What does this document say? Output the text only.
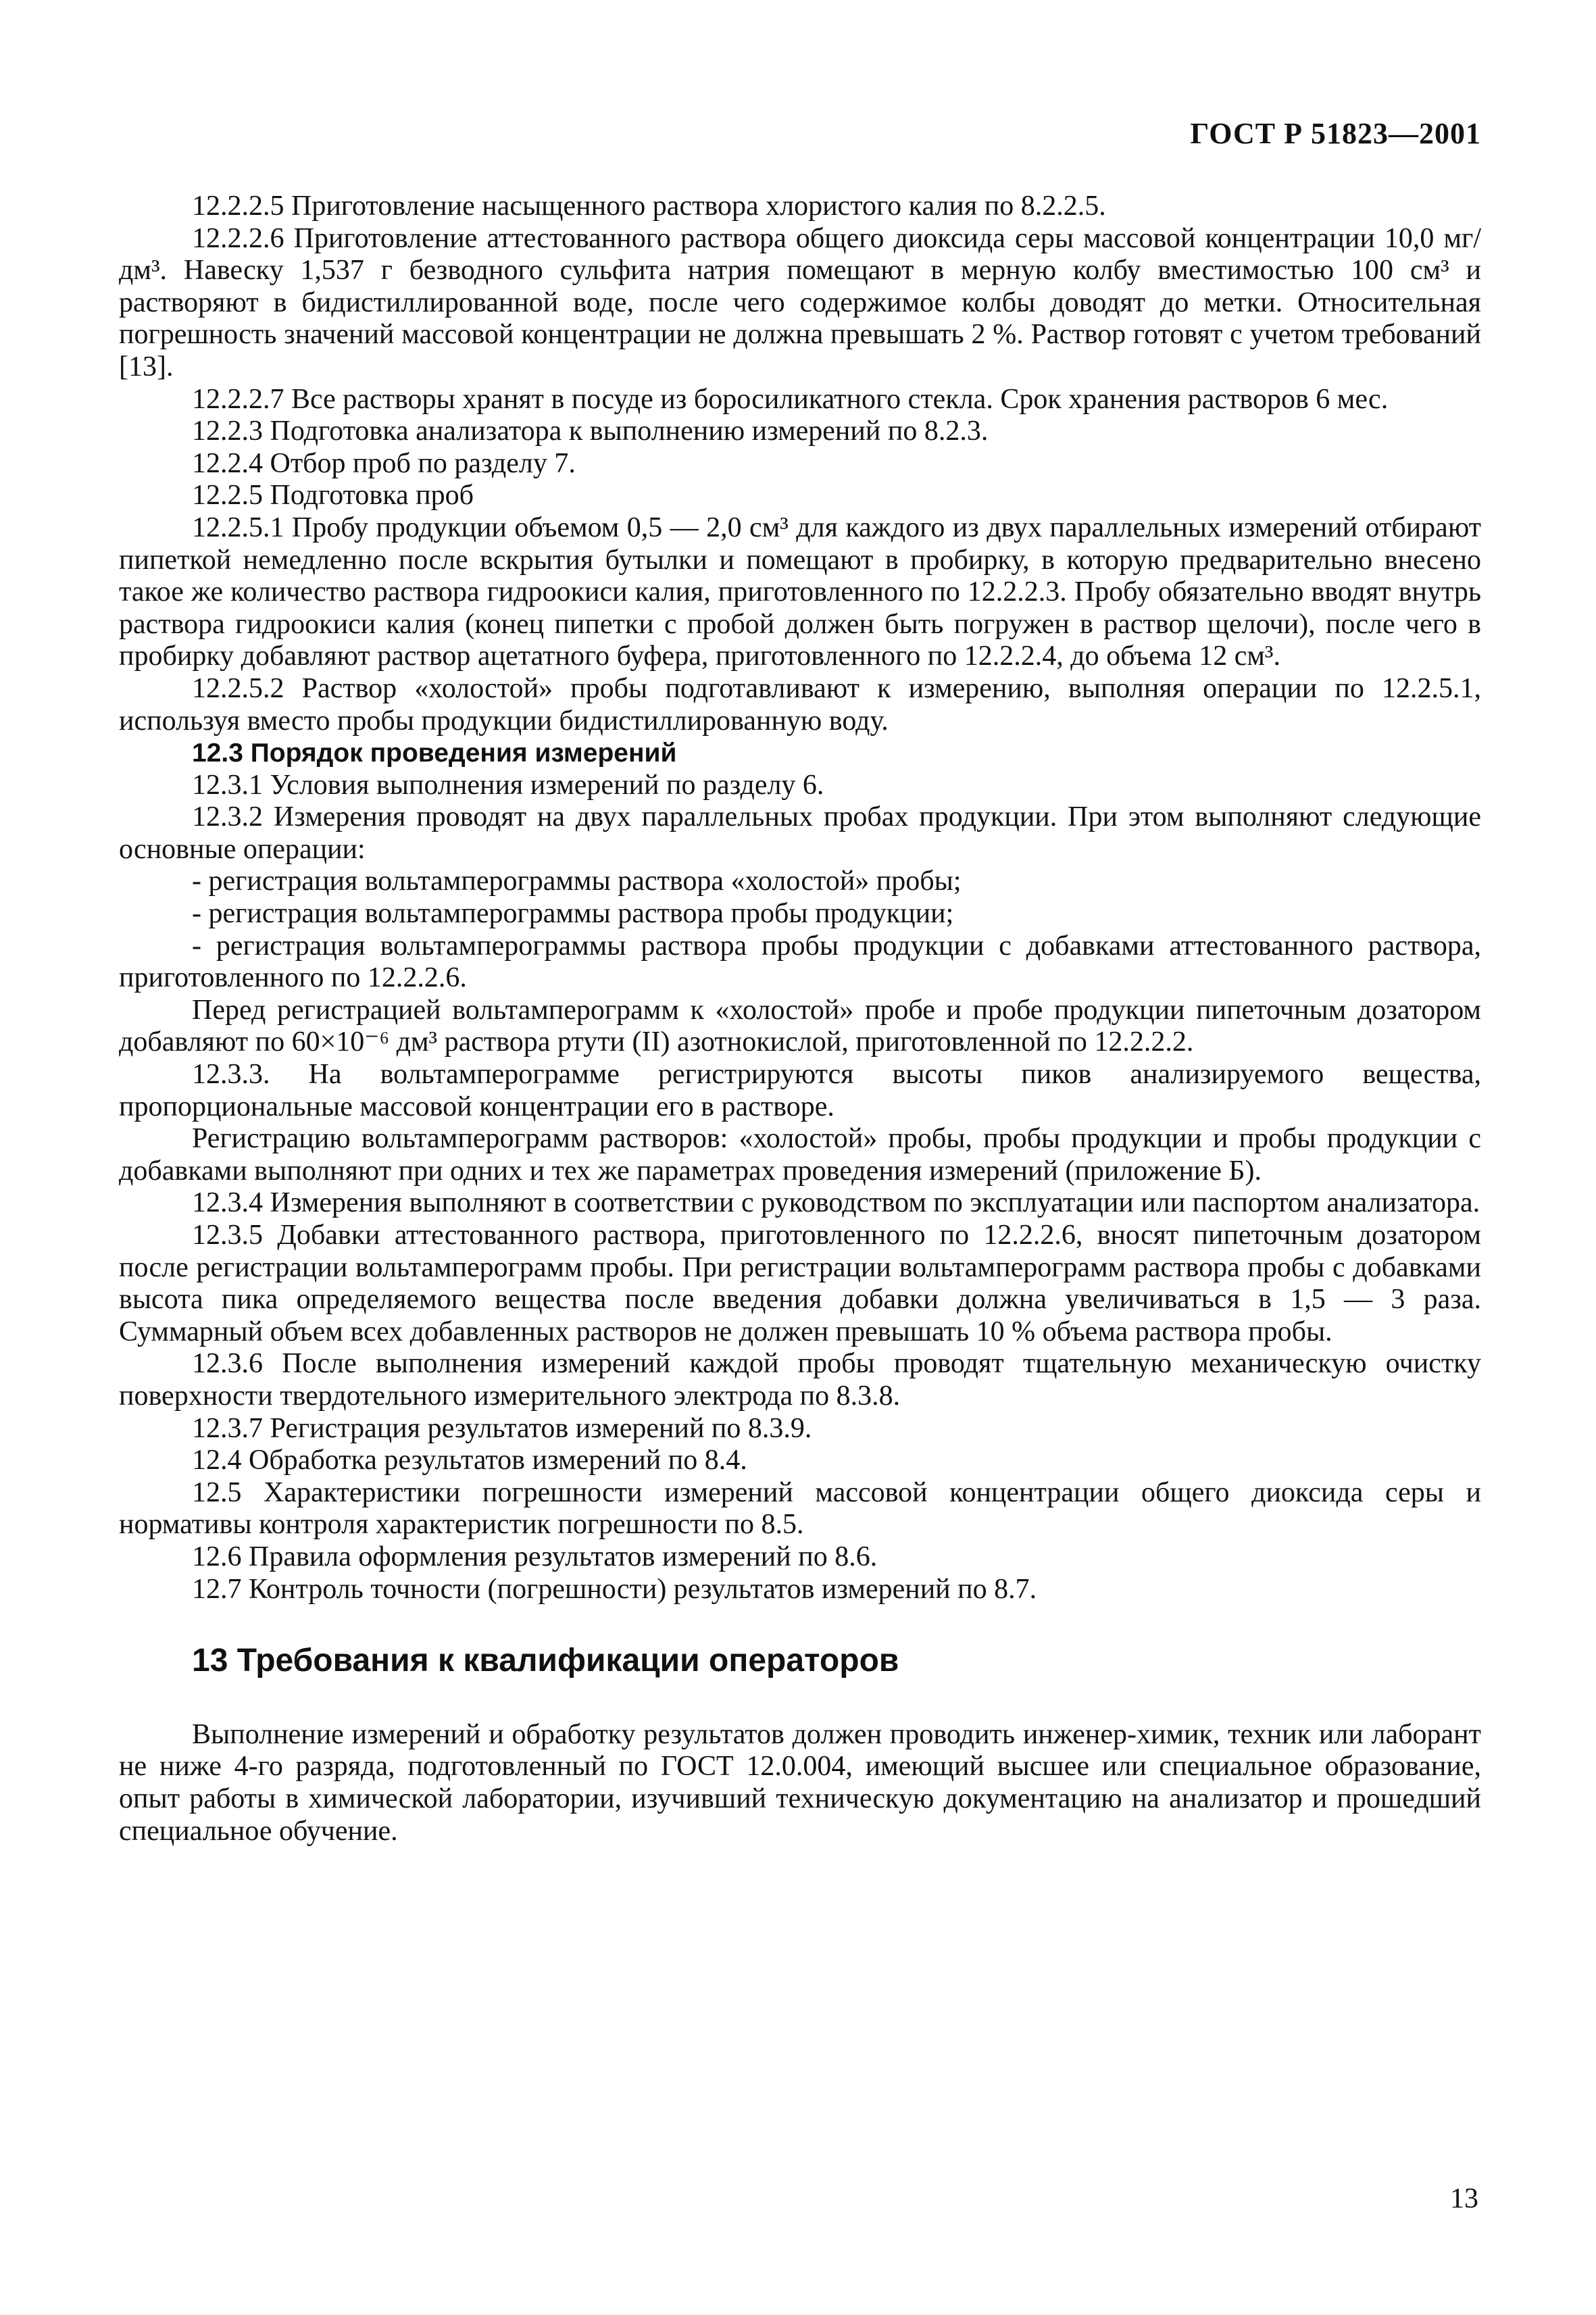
ГОСТ Р 51823—2001

12.2.2.5 Приготовление насыщенного раствора хлористого калия по 8.2.2.5.

12.2.2.6 Приготовление аттестованного раствора общего диоксида серы массовой концентрации 10,0 мг/дм³. Навеску 1,537 г безводного сульфита натрия помещают в мерную колбу вместимостью 100 см³ и растворяют в бидистиллированной воде, после чего содержимое колбы доводят до метки. Относительная погрешность значений массовой концентрации не должна превышать 2 %. Раствор готовят с учетом требований [13].

12.2.2.7 Все растворы хранят в посуде из боросиликатного стекла. Срок хранения растворов 6 мес.

12.2.3 Подготовка анализатора к выполнению измерений по 8.2.3.

12.2.4 Отбор проб по разделу 7.

12.2.5 Подготовка проб

12.2.5.1 Пробу продукции объемом 0,5 — 2,0 см³ для каждого из двух параллельных измерений отбирают пипеткой немедленно после вскрытия бутылки и помещают в пробирку, в которую предварительно внесено такое же количество раствора гидроокиси калия, приготовленного по 12.2.2.3. Пробу обязательно вводят внутрь раствора гидроокиси калия (конец пипетки с пробой должен быть погружен в раствор щелочи), после чего в пробирку добавляют раствор ацетатного буфера, приготовленного по 12.2.2.4, до объема 12 см³.

12.2.5.2 Раствор «холостой» пробы подготавливают к измерению, выполняя операции по 12.2.5.1, используя вместо пробы продукции бидистиллированную воду.

12.3 Порядок проведения измерений

12.3.1 Условия выполнения измерений по разделу 6.

12.3.2 Измерения проводят на двух параллельных пробах продукции. При этом выполняют следующие основные операции:

- регистрация вольтамперограммы раствора «холостой» пробы;

- регистрация вольтамперограммы раствора пробы продукции;

- регистрация вольтамперограммы раствора пробы продукции с добавками аттестованного раствора, приготовленного по 12.2.2.6.

Перед регистрацией вольтамперограмм к «холостой» пробе и пробе продукции пипеточным дозатором добавляют по 60×10⁻⁶ дм³ раствора ртути (II) азотнокислой, приготовленной по 12.2.2.2.

12.3.3. На вольтамперограмме регистрируются высоты пиков анализируемого вещества, пропорциональные массовой концентрации его в растворе.

Регистрацию вольтамперограмм растворов: «холостой» пробы, пробы продукции и пробы продукции с добавками выполняют при одних и тех же параметрах проведения измерений (приложение Б).

12.3.4 Измерения выполняют в соответствии с руководством по эксплуатации или паспортом анализатора.

12.3.5 Добавки аттестованного раствора, приготовленного по 12.2.2.6, вносят пипеточным дозатором после регистрации вольтамперограмм пробы. При регистрации вольтамперограмм раствора пробы с добавками высота пика определяемого вещества после введения добавки должна увеличиваться в 1,5 — 3 раза. Суммарный объем всех добавленных растворов не должен превышать 10 % объема раствора пробы.

12.3.6 После выполнения измерений каждой пробы проводят тщательную механическую очистку поверхности твердотельного измерительного электрода по 8.3.8.

12.3.7 Регистрация результатов измерений по 8.3.9.

12.4 Обработка результатов измерений по 8.4.

12.5 Характеристики погрешности измерений массовой концентрации общего диоксида серы и нормативы контроля характеристик погрешности по 8.5.

12.6 Правила оформления результатов измерений по 8.6.

12.7 Контроль точности (погрешности) результатов измерений по 8.7.

13 Требования к квалификации операторов

Выполнение измерений и обработку результатов должен проводить инженер-химик, техник или лаборант не ниже 4-го разряда, подготовленный по ГОСТ 12.0.004, имеющий высшее или специальное образование, опыт работы в химической лаборатории, изучивший техническую документацию на анализатор и прошедший специальное обучение.

13
